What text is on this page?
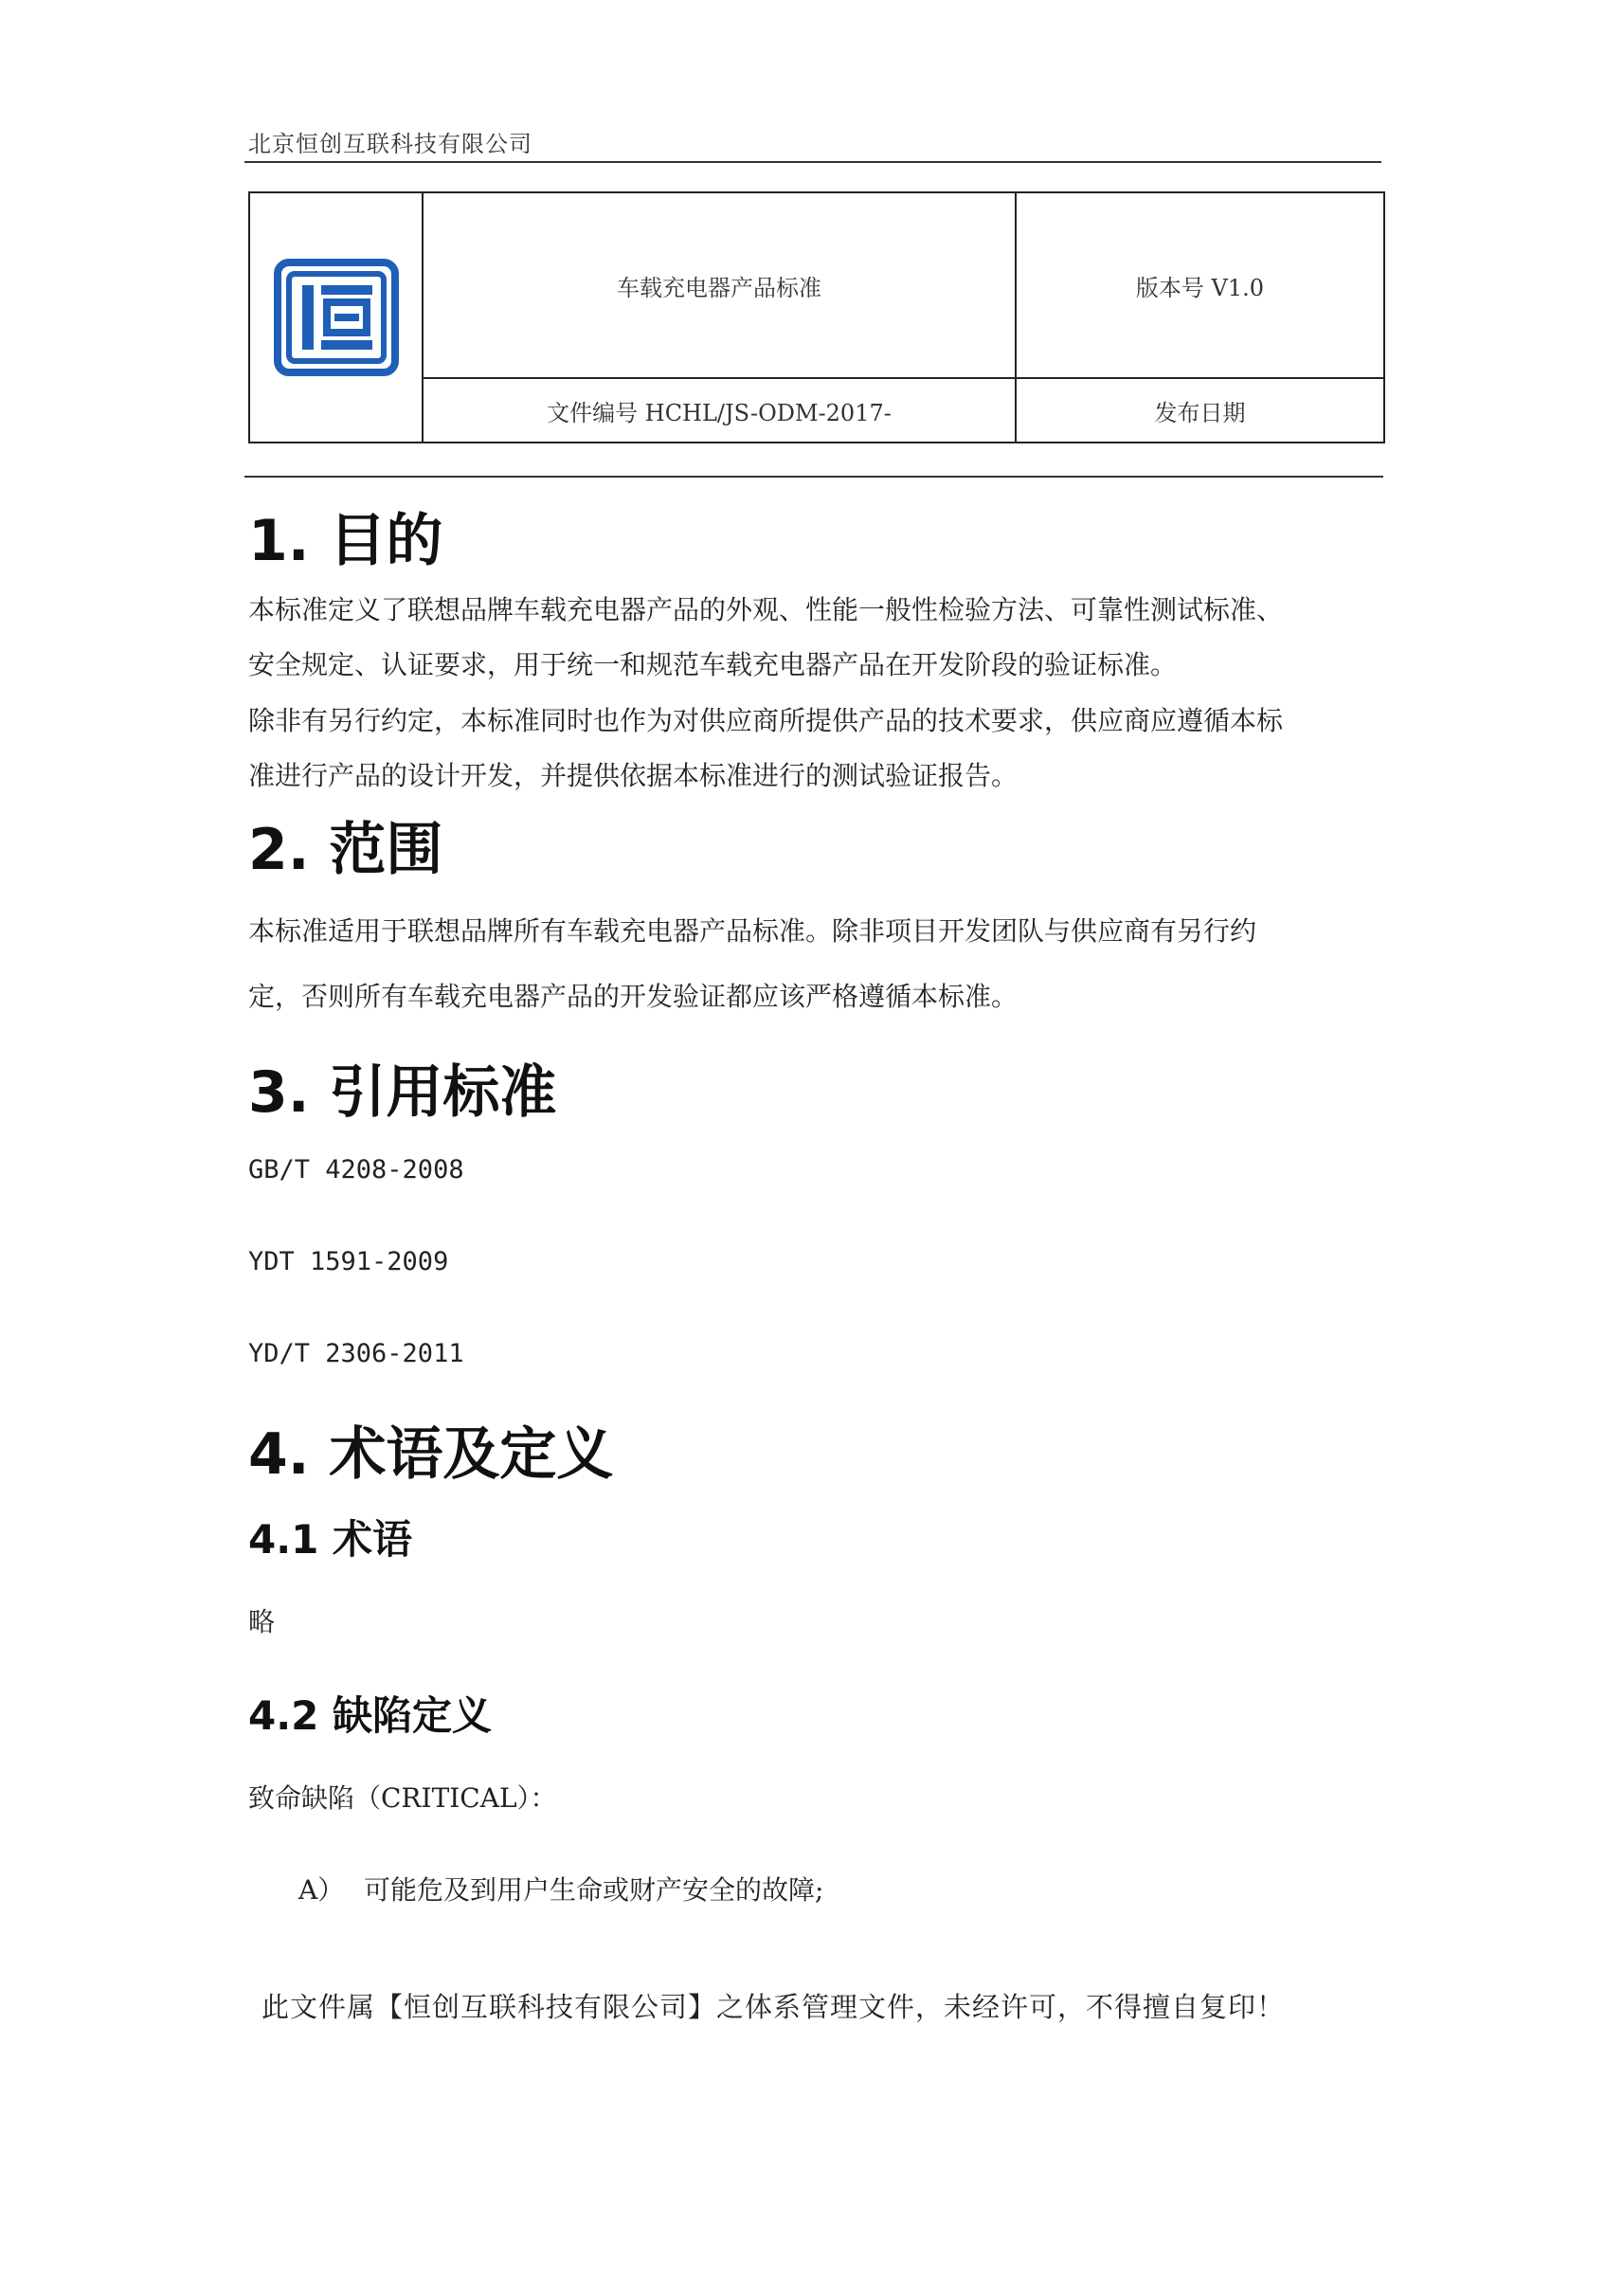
北京恒创互联科技有限公司
	车载充电器产品标准	版本号 V1.0
	文件编号 HCHL/JS-ODM-2017-	发布日期
1. 目的

本标准定义了联想品牌车载充电器产品的外观、性能一般性检验方法、可靠性测试标准、

安全规定、认证要求，用于统一和规范车载充电器产品在开发阶段的验证标准。

除非有另行约定，本标准同时也作为对供应商所提供产品的技术要求，供应商应遵循本标

准进行产品的设计开发，并提供依据本标准进行的测试验证报告。

2. 范围

本标准适用于联想品牌所有车载充电器产品标准。除非项目开发团队与供应商有另行约

定，否则所有车载充电器产品的开发验证都应该严格遵循本标准。

3. 引用标准

GB/T 4208-2008

YDT 1591-2009

YD/T 2306-2011

4. 术语及定义
4.1 术语

略

4.2 缺陷定义

致命缺陷（CRITICAL）：

A） 可能危及到用户生命或财产安全的故障;
此文件属【恒创互联科技有限公司】之体系管理文件，未经许可，不得擅自复印！
